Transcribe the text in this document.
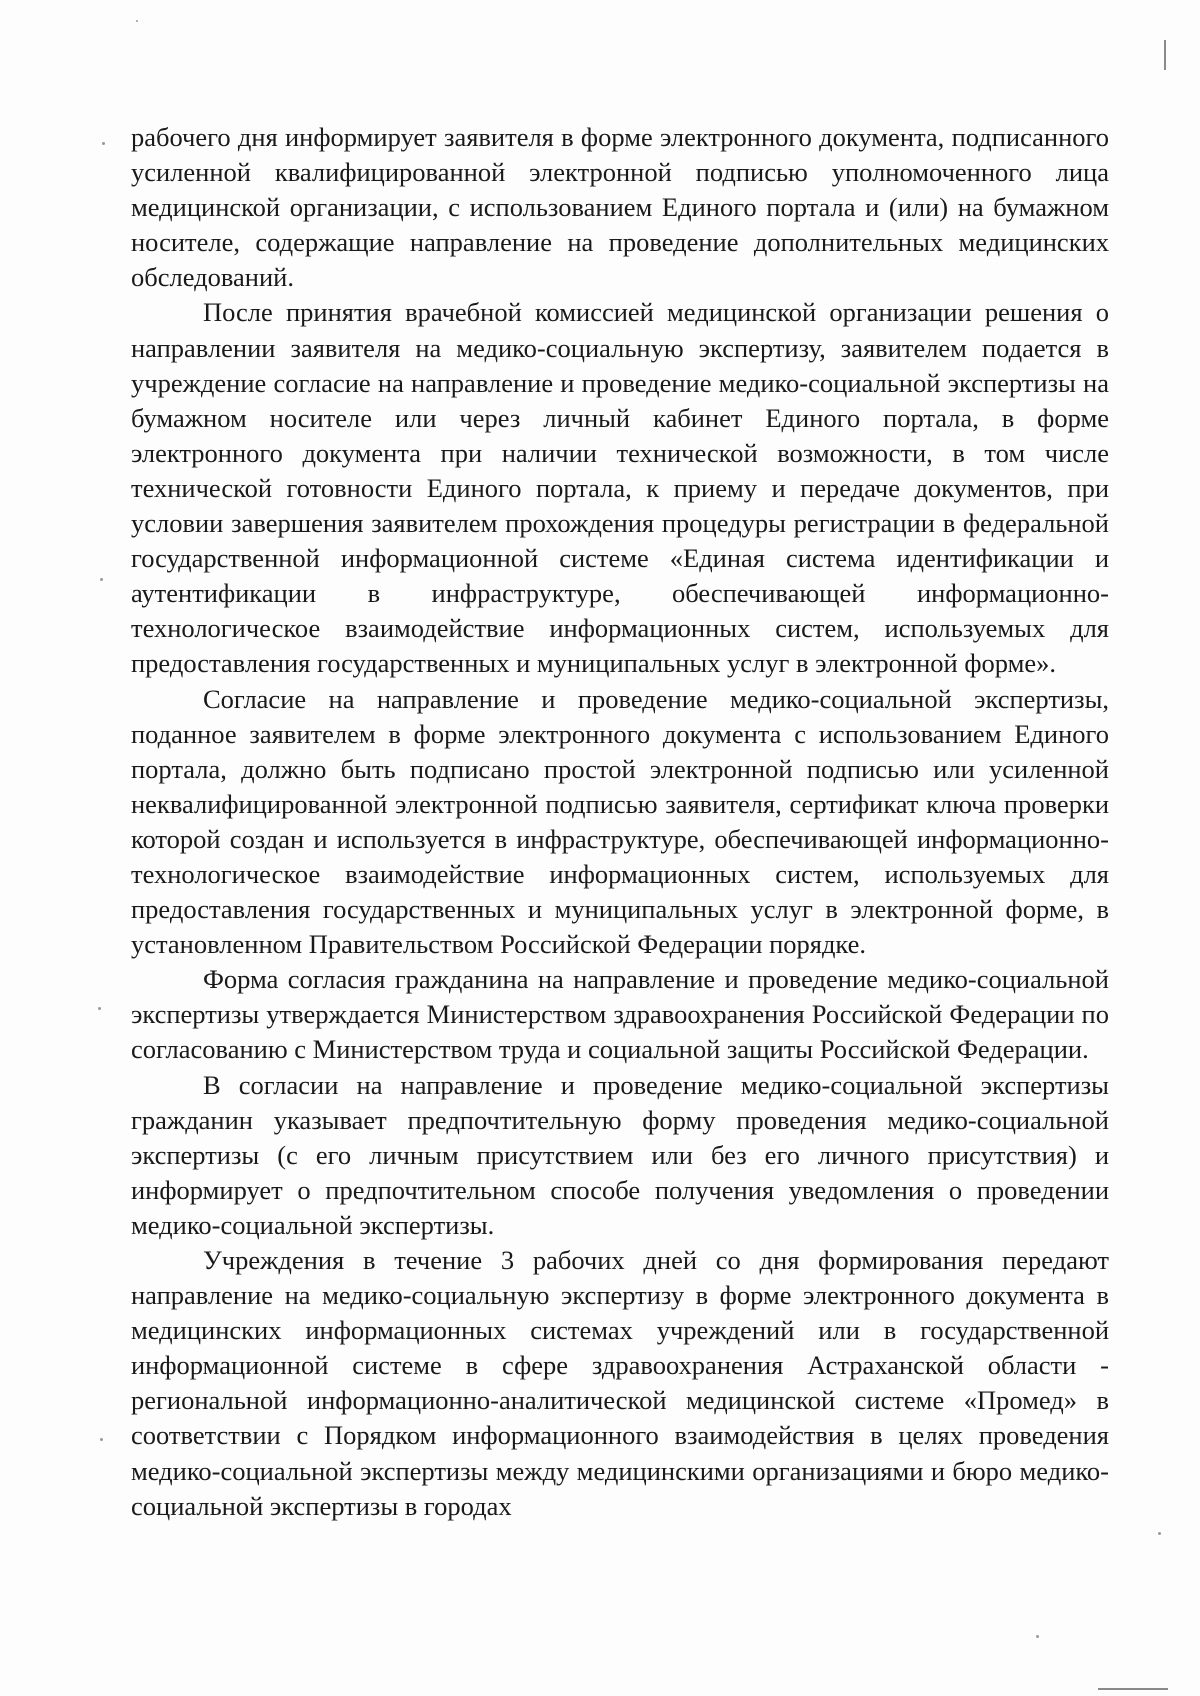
рабочего дня информирует заявителя в форме электронного документа, подписанного усиленной квалифицированной электронной подписью уполномоченного лица медицинской организации, с использованием Единого портала и (или) на бумажном носителе, содержащие направление на проведение дополнительных медицинских обследований.

После принятия врачебной комиссией медицинской организации решения о направлении заявителя на медико-социальную экспертизу, заявителем подается в учреждение согласие на направление и проведение медико-социальной экспертизы на бумажном носителе или через личный кабинет Единого портала, в форме электронного документа при наличии технической возможности, в том числе технической готовности Единого портала, к приему и передаче документов, при условии завершения заявителем прохождения процедуры регистрации в федеральной государственной информационной системе «Единая система идентификации и аутентификации в инфраструктуре, обеспечивающей информационно-технологическое взаимодействие информационных систем, используемых для предоставления государственных и муниципальных услуг в электронной форме».

Согласие на направление и проведение медико-социальной экспертизы, поданное заявителем в форме электронного документа с использованием Единого портала, должно быть подписано простой электронной подписью или усиленной неквалифицированной электронной подписью заявителя, сертификат ключа проверки которой создан и используется в инфраструктуре, обеспечивающей информационно-технологическое взаимодействие информационных систем, используемых для предоставления государственных и муниципальных услуг в электронной форме, в установленном Правительством Российской Федерации порядке.

Форма согласия гражданина на направление и проведение медико-социальной экспертизы утверждается Министерством здравоохранения Российской Федерации по согласованию с Министерством труда и социальной защиты Российской Федерации.

В согласии на направление и проведение медико-социальной экспертизы гражданин указывает предпочтительную форму проведения медико-социальной экспертизы (с его личным присутствием или без его личного присутствия) и информирует о предпочтительном способе получения уведомления о проведении медико-социальной экспертизы.

Учреждения в течение 3 рабочих дней со дня формирования передают направление на медико-социальную экспертизу в форме электронного документа в медицинских информационных системах учреждений или в государственной информационной системе в сфере здравоохранения Астраханской области - региональной информационно-аналитической медицинской системе «Промед» в соответствии с Порядком информационного взаимодействия в целях проведения медико-социальной экспертизы между медицинскими организациями и бюро медико-социальной экспертизы в городах
